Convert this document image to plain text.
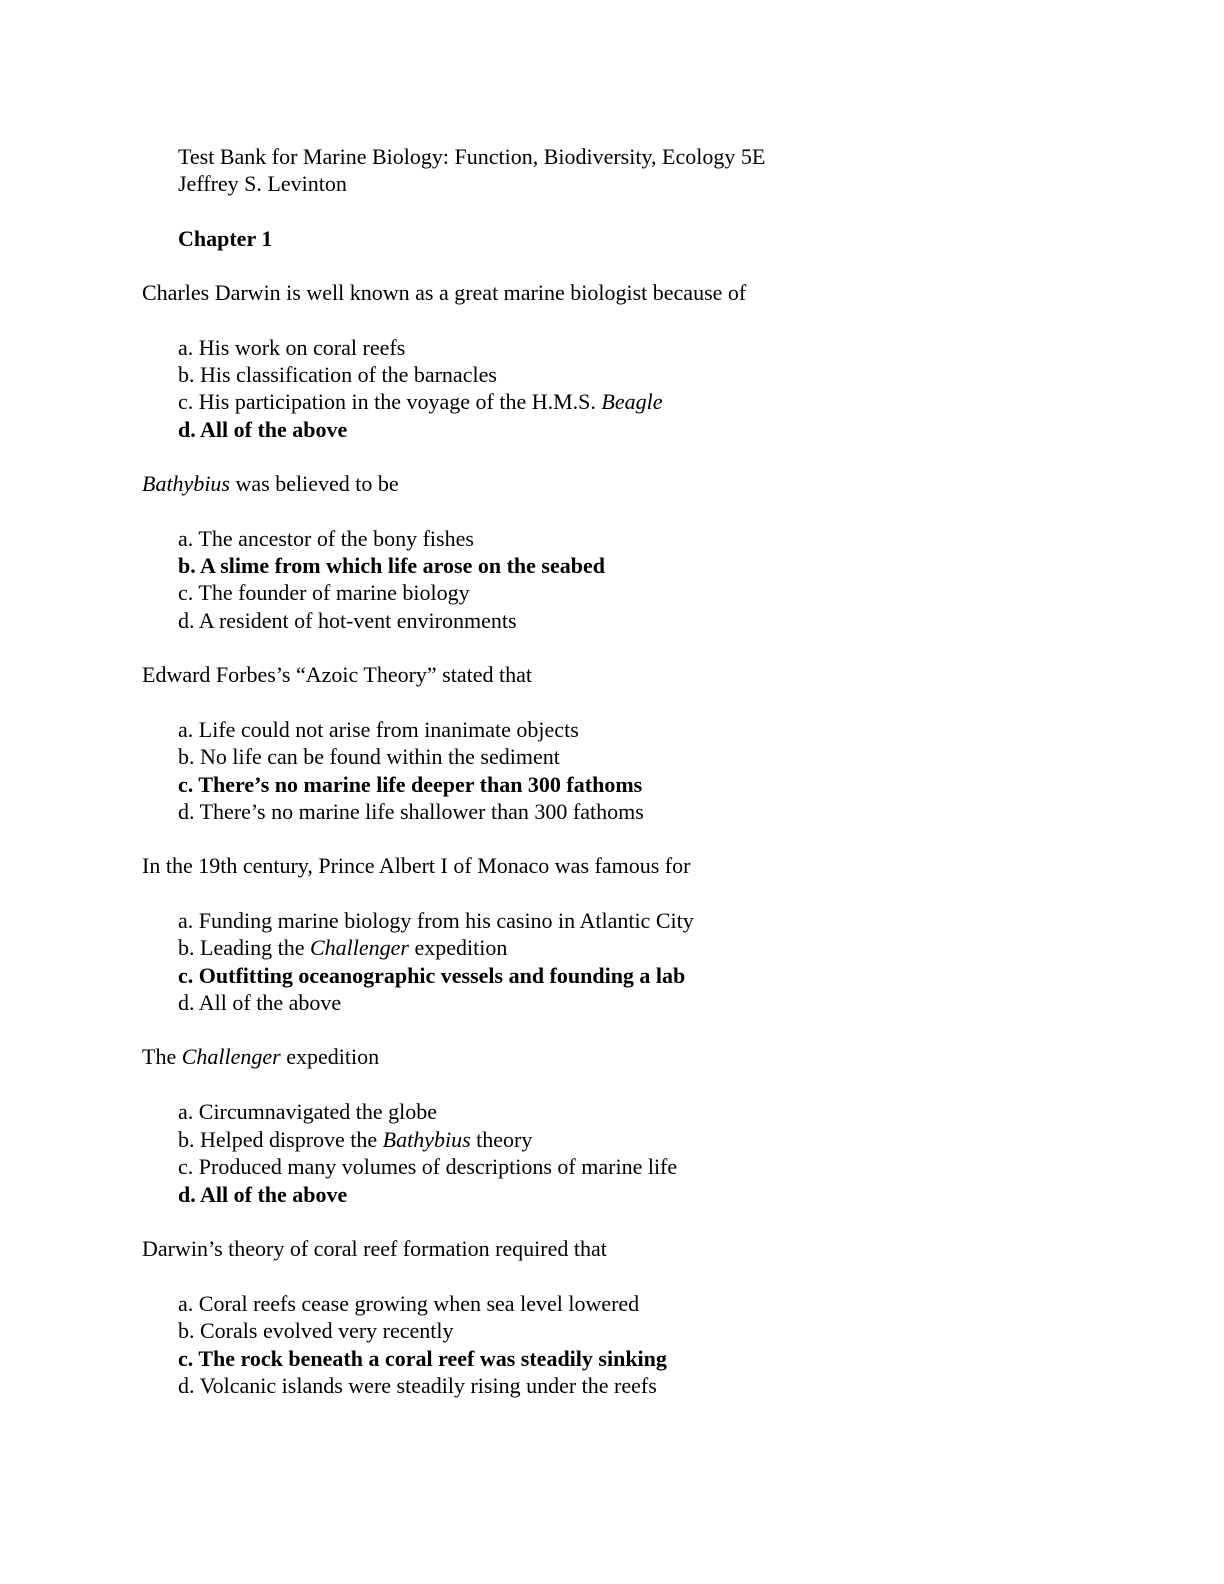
Test Bank for Marine Biology: Function, Biodiversity, Ecology 5E
Jeffrey S. Levinton
Chapter 1
Charles Darwin is well known as a great marine biologist because of
a. His work on coral reefs
b. His classification of the barnacles
c. His participation in the voyage of the H.M.S. Beagle
d. All of the above
Bathybius was believed to be
a. The ancestor of the bony fishes
b. A slime from which life arose on the seabed
c. The founder of marine biology
d. A resident of hot-vent environments
Edward Forbes’s “Azoic Theory” stated that
a. Life could not arise from inanimate objects
b. No life can be found within the sediment
c. There’s no marine life deeper than 300 fathoms
d. There’s no marine life shallower than 300 fathoms
In the 19th century, Prince Albert I of Monaco was famous for
a. Funding marine biology from his casino in Atlantic City
b. Leading the Challenger expedition
c. Outfitting oceanographic vessels and founding a lab
d. All of the above
The Challenger expedition
a. Circumnavigated the globe
b. Helped disprove the Bathybius theory
c. Produced many volumes of descriptions of marine life
d. All of the above
Darwin’s theory of coral reef formation required that
a. Coral reefs cease growing when sea level lowered
b. Corals evolved very recently
c. The rock beneath a coral reef was steadily sinking
d. Volcanic islands were steadily rising under the reefs
